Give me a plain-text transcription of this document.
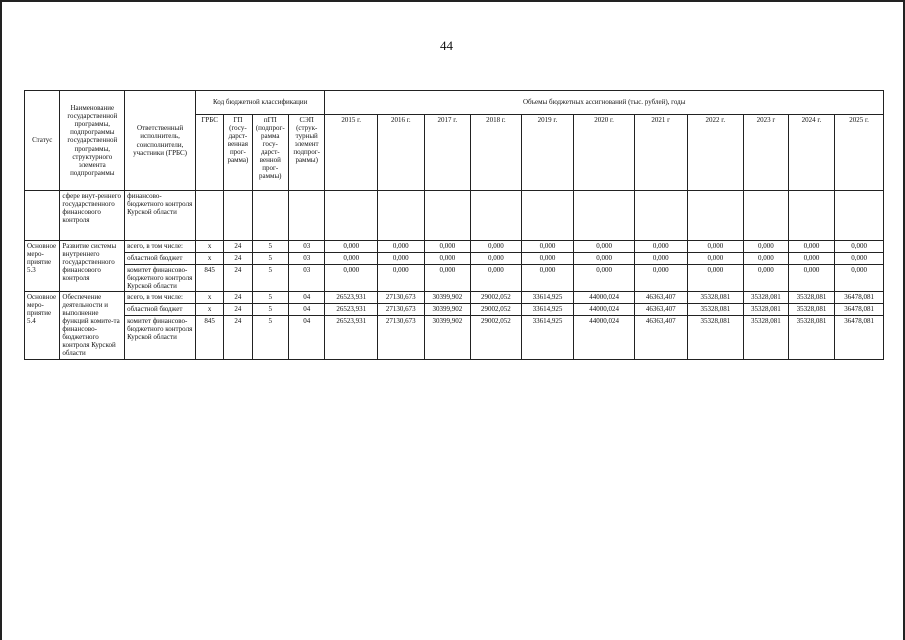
44
Статус	Наименование государственной программы, подпрограммы государственной программы, структурного элемента подпрограммы	Ответственный исполнитель, соисполнители, участники (ГРБС)	Код бюджетной классификации				Объемы бюджетных ассигнований (тыс. рублей), годы										
			ГРБС	ГП (госу-дарст-венная прог-рамма)	пГП (подпрог-рамма госу-дарст-венной прог-раммы)	СЭП (струк-турный элемент подпрог-раммы)	2015 г.	2016 г.	2017 г.	2018 г.	2019 г.	2020 г.	2021 г	2022 г.	2023 г	2024 г.	2025 г.
	сфере внут-реннего государственного финансового контроля	финансово-бюджетного контроля Курской области															
Основное меро-приятие 5.3	Развитие системы внутреннего государственного финансового контроля	всего, в том числе:	x	24	5	03	0,000	0,000	0,000	0,000	0,000	0,000	0,000	0,000	0,000	0,000	0,000
		областной бюджет	x	24	5	03	0,000	0,000	0,000	0,000	0,000	0,000	0,000	0,000	0,000	0,000	0,000
		комитет финансово-бюджетного контроля Курской области	845	24	5	03	0,000	0,000	0,000	0,000	0,000	0,000	0,000	0,000	0,000	0,000	0,000
Основное меро-приятие 5.4	Обеспечение деятельности и выполнение функций комите-та финансово-бюджетного контроля Курской области	всего, в том числе:	x	24	5	04	26523,931	27130,673	30399,902	29002,052	33614,925	44000,024	46363,407	35328,081	35328,081	35328,081	36478,081
		областной бюджет	x	24	5	04	26523,931	27130,673	30399,902	29002,052	33614,925	44000,024	46363,407	35328,081	35328,081	35328,081	36478,081
		комитет финансово-бюджетного контроля Курской области	845	24	5	04	26523,931	27130,673	30399,902	29002,052	33614,925	44000,024	46363,407	35328,081	35328,081	35328,081	36478,081
